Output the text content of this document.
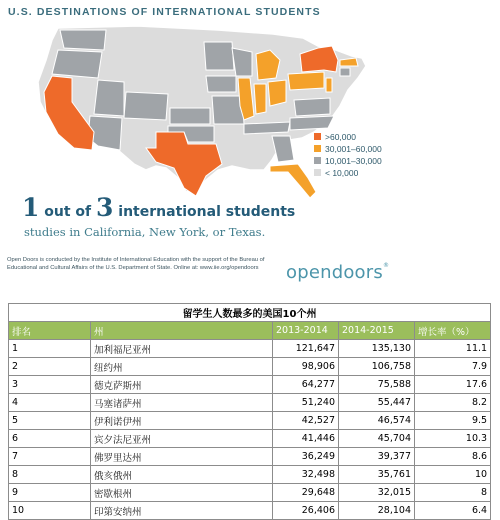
U.S. DESTINATIONS OF INTERNATIONAL STUDENTS
>60,000
30,001–60,000
10,001–30,000
< 10,000
1 out of 3 international students
studies in California, New York, or Texas.
Open Doors is conducted by the Institute of International Education with the support of the Bureau of Educational and Cultural Affairs of the U.S. Department of State. Online at: www.iie.org/opendoors	opendoors®
留学生人数最多的美国10个州				
排名	州	2013-2014	2014-2015	增长率（%）
1	加利福尼亚州	121,647	135,130	11.1
2	纽约州	98,906	106,758	7.9
3	德克萨斯州	64,277	75,588	17.6
4	马塞诸萨州	51,240	55,447	8.2
5	伊利诺伊州	42,527	46,574	9.5
6	宾夕法尼亚州	41,446	45,704	10.3
7	佛罗里达州	36,249	39,377	8.6
8	俄亥俄州	32,498	35,761	10
9	密歇根州	29,648	32,015	8
10	印第安纳州	26,406	28,104	6.4
